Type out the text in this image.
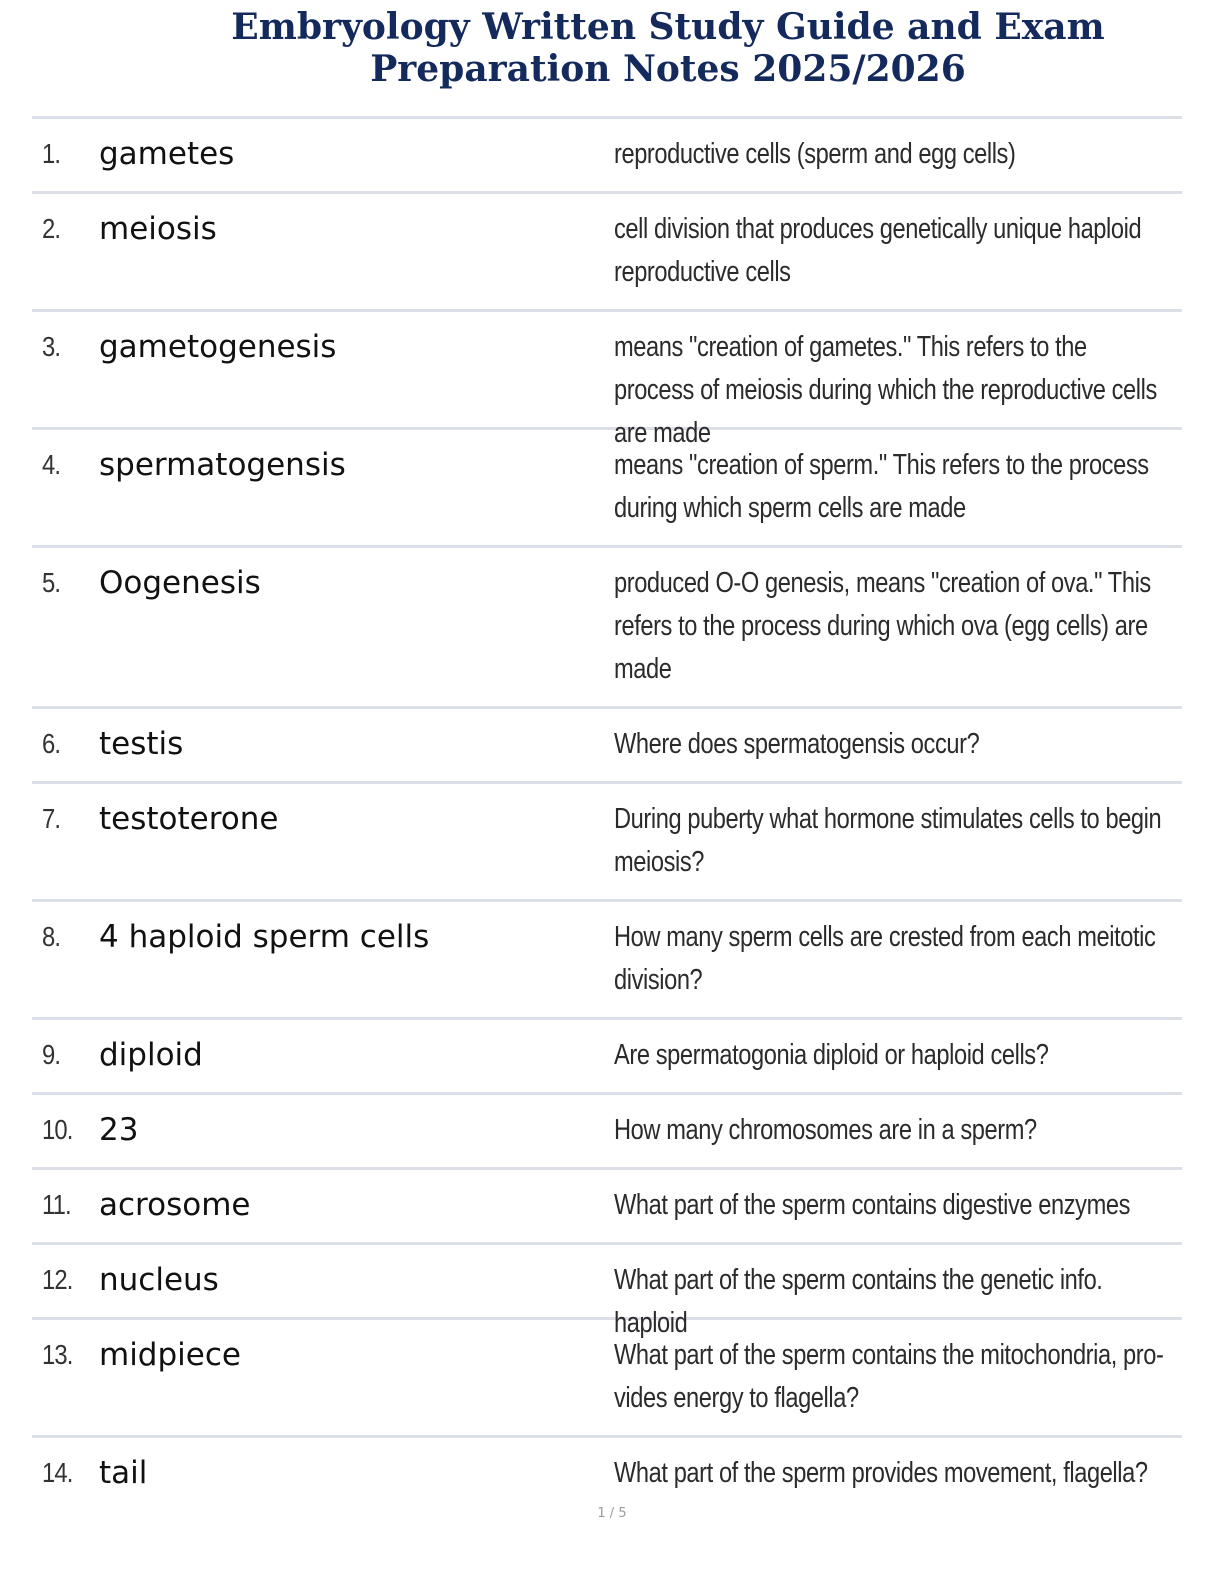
Embryology Written Study Guide and Exam
Preparation Notes 2025/2026
1. gametes	reproductive cells (sperm and egg cells)
2. meiosis	cell division that produces genetically unique haploid reproductive cells
3. gametogenesis	means "creation of gametes." This refers to the process of meiosis during which the reproductive cells are made
4. spermatogensis	means "creation of sperm." This refers to the process during which sperm cells are made
5. Oogenesis	produced O-O genesis, means "creation of ova." This refers to the process during which ova (egg cells) are made
6. testis	Where does spermatogensis occur?
7. testoterone	During puberty what hormone stimulates cells to begin meiosis?
8. 4 haploid sperm cells	How many sperm cells are crested from each meitotic division?
9. diploid	Are spermatogonia diploid or haploid cells?
10. 23	How many chromosomes are in a sperm?
11. acrosome	What part of the sperm contains digestive enzymes
12. nucleus	What part of the sperm contains the genetic info. haploid
13. midpiece	What part of the sperm contains the mitochondria, pro-vides energy to flagella?
14. tail	What part of the sperm provides movement, flagella?
1 / 5
